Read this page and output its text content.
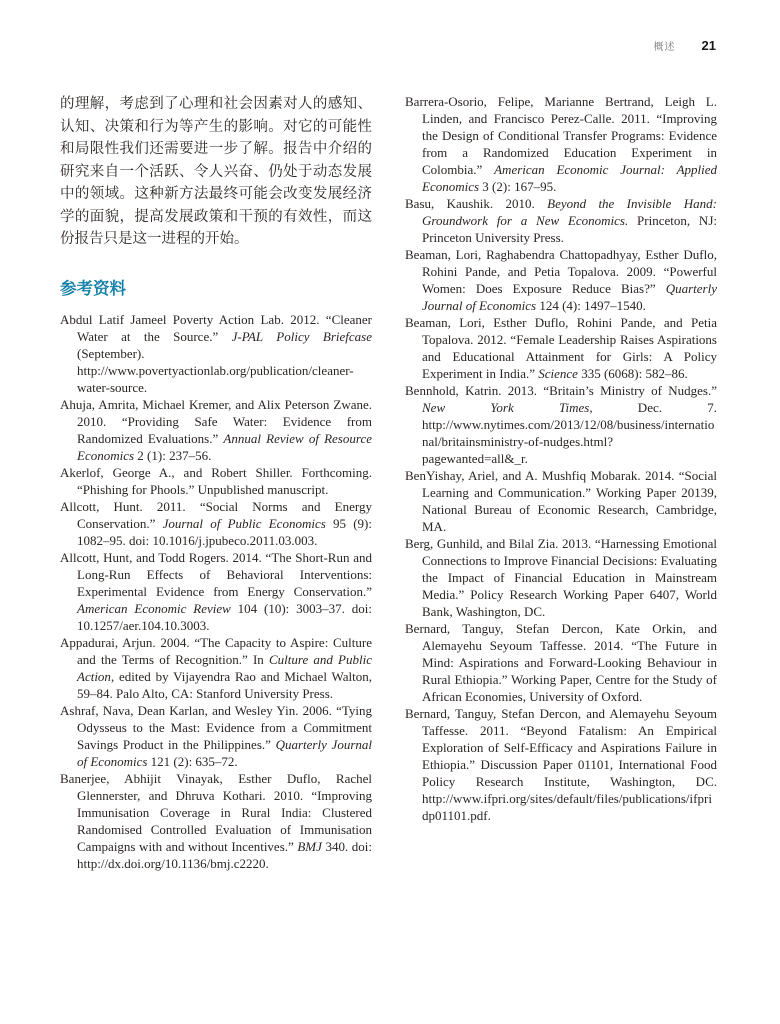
概述 21

的理解，考虑到了心理和社会因素对人的感知、认知、决策和行为等产生的影响。对它的可能性和局限性我们还需要进一步了解。报告中介绍的研究来自一个活跃、令人兴奋、仍处于动态发展中的领域。这种新方法最终可能会改变发展经济学的面貌，提高发展政策和干预的有效性，而这份报告只是这一进程的开始。

参考资料

Abdul Latif Jameel Poverty Action Lab. 2012. “Cleaner Water at the Source.” J-PAL Policy Briefcase (September). http://www.povertyactionlab.org/publication/cleaner-water-source.

Ahuja, Amrita, Michael Kremer, and Alix Peterson Zwane. 2010. “Providing Safe Water: Evidence from Randomized Evaluations.” Annual Review of Resource Economics 2 (1): 237–56.

Akerlof, George A., and Robert Shiller. Forthcoming. “Phishing for Phools.” Unpublished manuscript.

Allcott, Hunt. 2011. “Social Norms and Energy Conservation.” Journal of Public Economics 95 (9): 1082–95. doi: 10.1016/j.jpubeco.2011.03.003.

Allcott, Hunt, and Todd Rogers. 2014. “The Short-Run and Long-Run Effects of Behavioral Interventions: Experimental Evidence from Energy Conservation.” American Economic Review 104 (10): 3003–37. doi: 10.1257/aer.104.10.3003.

Appadurai, Arjun. 2004. “The Capacity to Aspire: Culture and the Terms of Recognition.” In Culture and Public Action, edited by Vijayendra Rao and Michael Walton, 59–84. Palo Alto, CA: Stanford University Press.

Ashraf, Nava, Dean Karlan, and Wesley Yin. 2006. “Tying Odysseus to the Mast: Evidence from a Commitment Savings Product in the Philippines.” Quarterly Journal of Economics 121 (2): 635–72.

Banerjee, Abhijit Vinayak, Esther Duflo, Rachel Glennerster, and Dhruva Kothari. 2010. “Improving Immunisation Coverage in Rural India: Clustered Randomised Controlled Evaluation of Immunisation Campaigns with and without Incentives.” BMJ 340. doi: http://dx.doi.org/10.1136/bmj.c2220.

Barrera-Osorio, Felipe, Marianne Bertrand, Leigh L. Linden, and Francisco Perez-Calle. 2011. “Improving the Design of Conditional Transfer Programs: Evidence from a Randomized Education Experiment in Colombia.” American Economic Journal: Applied Economics 3 (2): 167–95.

Basu, Kaushik. 2010. Beyond the Invisible Hand: Groundwork for a New Economics. Princeton, NJ: Princeton University Press.

Beaman, Lori, Raghabendra Chattopadhyay, Esther Duflo, Rohini Pande, and Petia Topalova. 2009. “Powerful Women: Does Exposure Reduce Bias?” Quarterly Journal of Economics 124 (4): 1497–1540.

Beaman, Lori, Esther Duflo, Rohini Pande, and Petia Topalova. 2012. “Female Leadership Raises Aspirations and Educational Attainment for Girls: A Policy Experiment in India.” Science 335 (6068): 582–86.

Bennhold, Katrin. 2013. “Britain’s Ministry of Nudges.” New York Times, Dec. 7. http://www.nytimes.com/2013/12/08/business/international/britainsministry-of-nudges.html?pagewanted=all&_r.

BenYishay, Ariel, and A. Mushfiq Mobarak. 2014. “Social Learning and Communication.” Working Paper 20139, National Bureau of Economic Research, Cambridge, MA.

Berg, Gunhild, and Bilal Zia. 2013. “Harnessing Emotional Connections to Improve Financial Decisions: Evaluating the Impact of Financial Education in Mainstream Media.” Policy Research Working Paper 6407, World Bank, Washington, DC.

Bernard, Tanguy, Stefan Dercon, Kate Orkin, and Alemayehu Seyoum Taffesse. 2014. “The Future in Mind: Aspirations and Forward-Looking Behaviour in Rural Ethiopia.” Working Paper, Centre for the Study of African Economies, University of Oxford.

Bernard, Tanguy, Stefan Dercon, and Alemayehu Seyoum Taffesse. 2011. “Beyond Fatalism: An Empirical Exploration of Self-Efficacy and Aspirations Failure in Ethiopia.” Discussion Paper 01101, International Food Policy Research Institute, Washington, DC. http://www.ifpri.org/sites/default/files/publications/ifpridp01101.pdf.
